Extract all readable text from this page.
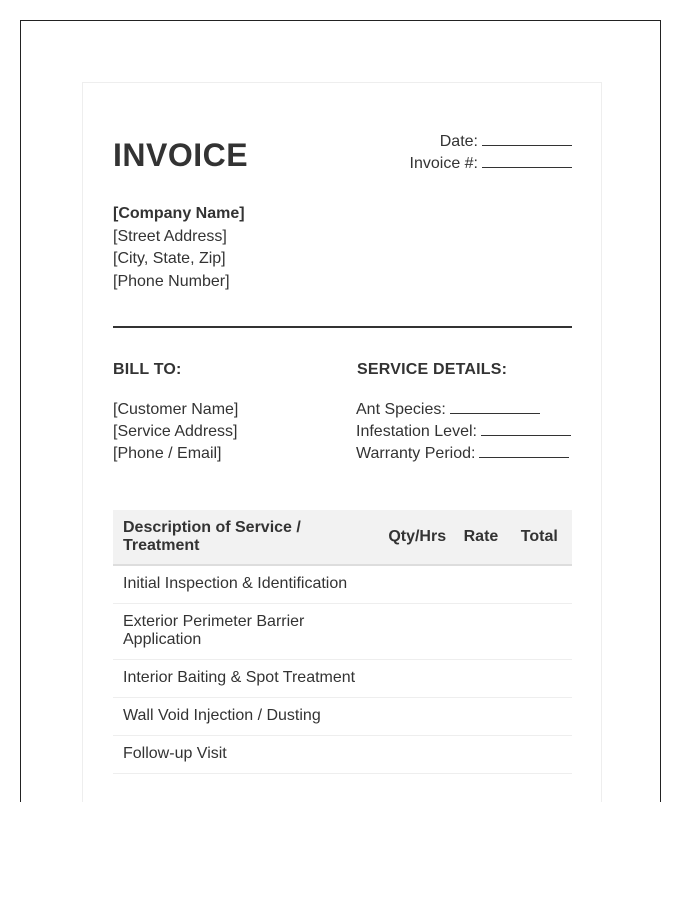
INVOICE	Date:
Invoice #:
[Company Name]
[Street Address]
[City, State, Zip]
[Phone Number]
BILL TO:	SERVICE DETAILS:
[Customer Name]
[Service Address]
[Phone / Email]
Ant Species:
Infestation Level:
Warranty Period:
Description of Service / Treatment	Qty/Hrs	Rate	Total
Initial Inspection & Identification			
Exterior Perimeter Barrier Application			
Interior Baiting & Spot Treatment			
Wall Void Injection / Dusting			
Follow-up Visit			
